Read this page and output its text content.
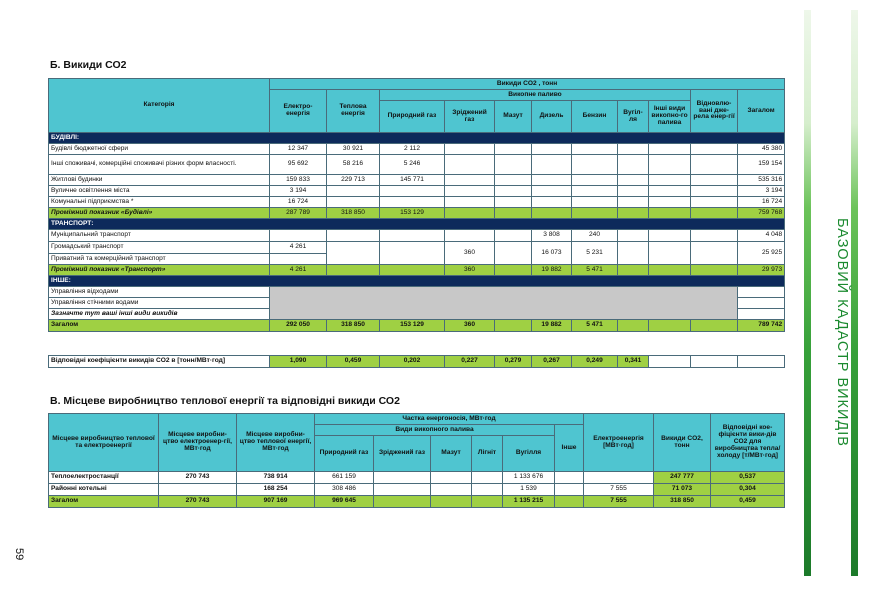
БАЗОВИЙ КАДАСТР ВИКИДІВ
59
Б. Викиди СО2
Категорія	Викиди CO2 , тонн										
	Електро-енергія	Теплова енергія	Викопне паливо							Відновлю-вані дже-рела енер-гії	Загалом
			Природний газ	Зріджений газ	Мазут	Дизель	Бензин	Вугіл-ля	Інші види викопно-го палива		
БУДІВЛІ:											
Будівлі бюджетної сфери	12 347	30 921	2 112								45 380
Інші споживачі, комерційні споживачі різних форм власності.	95 692	58 216	5 246								159 154
Житлові будинки	159 833	229 713	145 771								535 316
Вуличне освітлення міста	3 194										3 194
Комунальні підприємства *	16 724										16 724
Проміжний показник «Будівлі»	287 789	318 850	153 129								759 768
ТРАНСПОРТ:											
Муніципальний транспорт						3 808	240				4 048
Громадський транспорт	4 261			360		16 073	5 231				25 925
Приватний та комерційний транспорт											
Проміжний показник «Транспорт»	4 261			360		19 882	5 471				29 973
ІНШЕ:											
Управління відходами											
Управління стічними водами											
Зазначте тут ваші інші види викидів											
Загалом	292 050	318 850	153 129	360		19 882	5 471				789 742
Відповідні коефіцієнти викидів CO2 в [тонн/МВт·год]	1,090	0,459	0,202	0,227	0,279	0,267	0,249	0,341			
В. Місцеве виробництво теплової енергії та відповідні викиди СО2
Місцеве виробництво теплової та електроенергії	Місцеве виробни-цтво електроенер-гії, МВт·год	Місцеве виробни-цтво теплової енергії, МВт·год	Частка енергоносія, МВт·год						Електроенергія [МВт·год]	Викиди CO2, тонн	Відповідні кое-фіцієнти вики-дів CO2 для виробництва тепла/холоду [т/МВт·год]
			Види викопного палива					Інше			
			Природний газ	Зріджений газ	Мазут	Лігніт	Вугілля				
Теплоелектростанції	270 743	738 914	661 159				1 133 676			247 777	0,537
Районні котельні		168 254	308 486				1 539		7 555	71 073	0,304
Загалом	270 743	907 169	969 645				1 135 215		7 555	318 850	0,459
